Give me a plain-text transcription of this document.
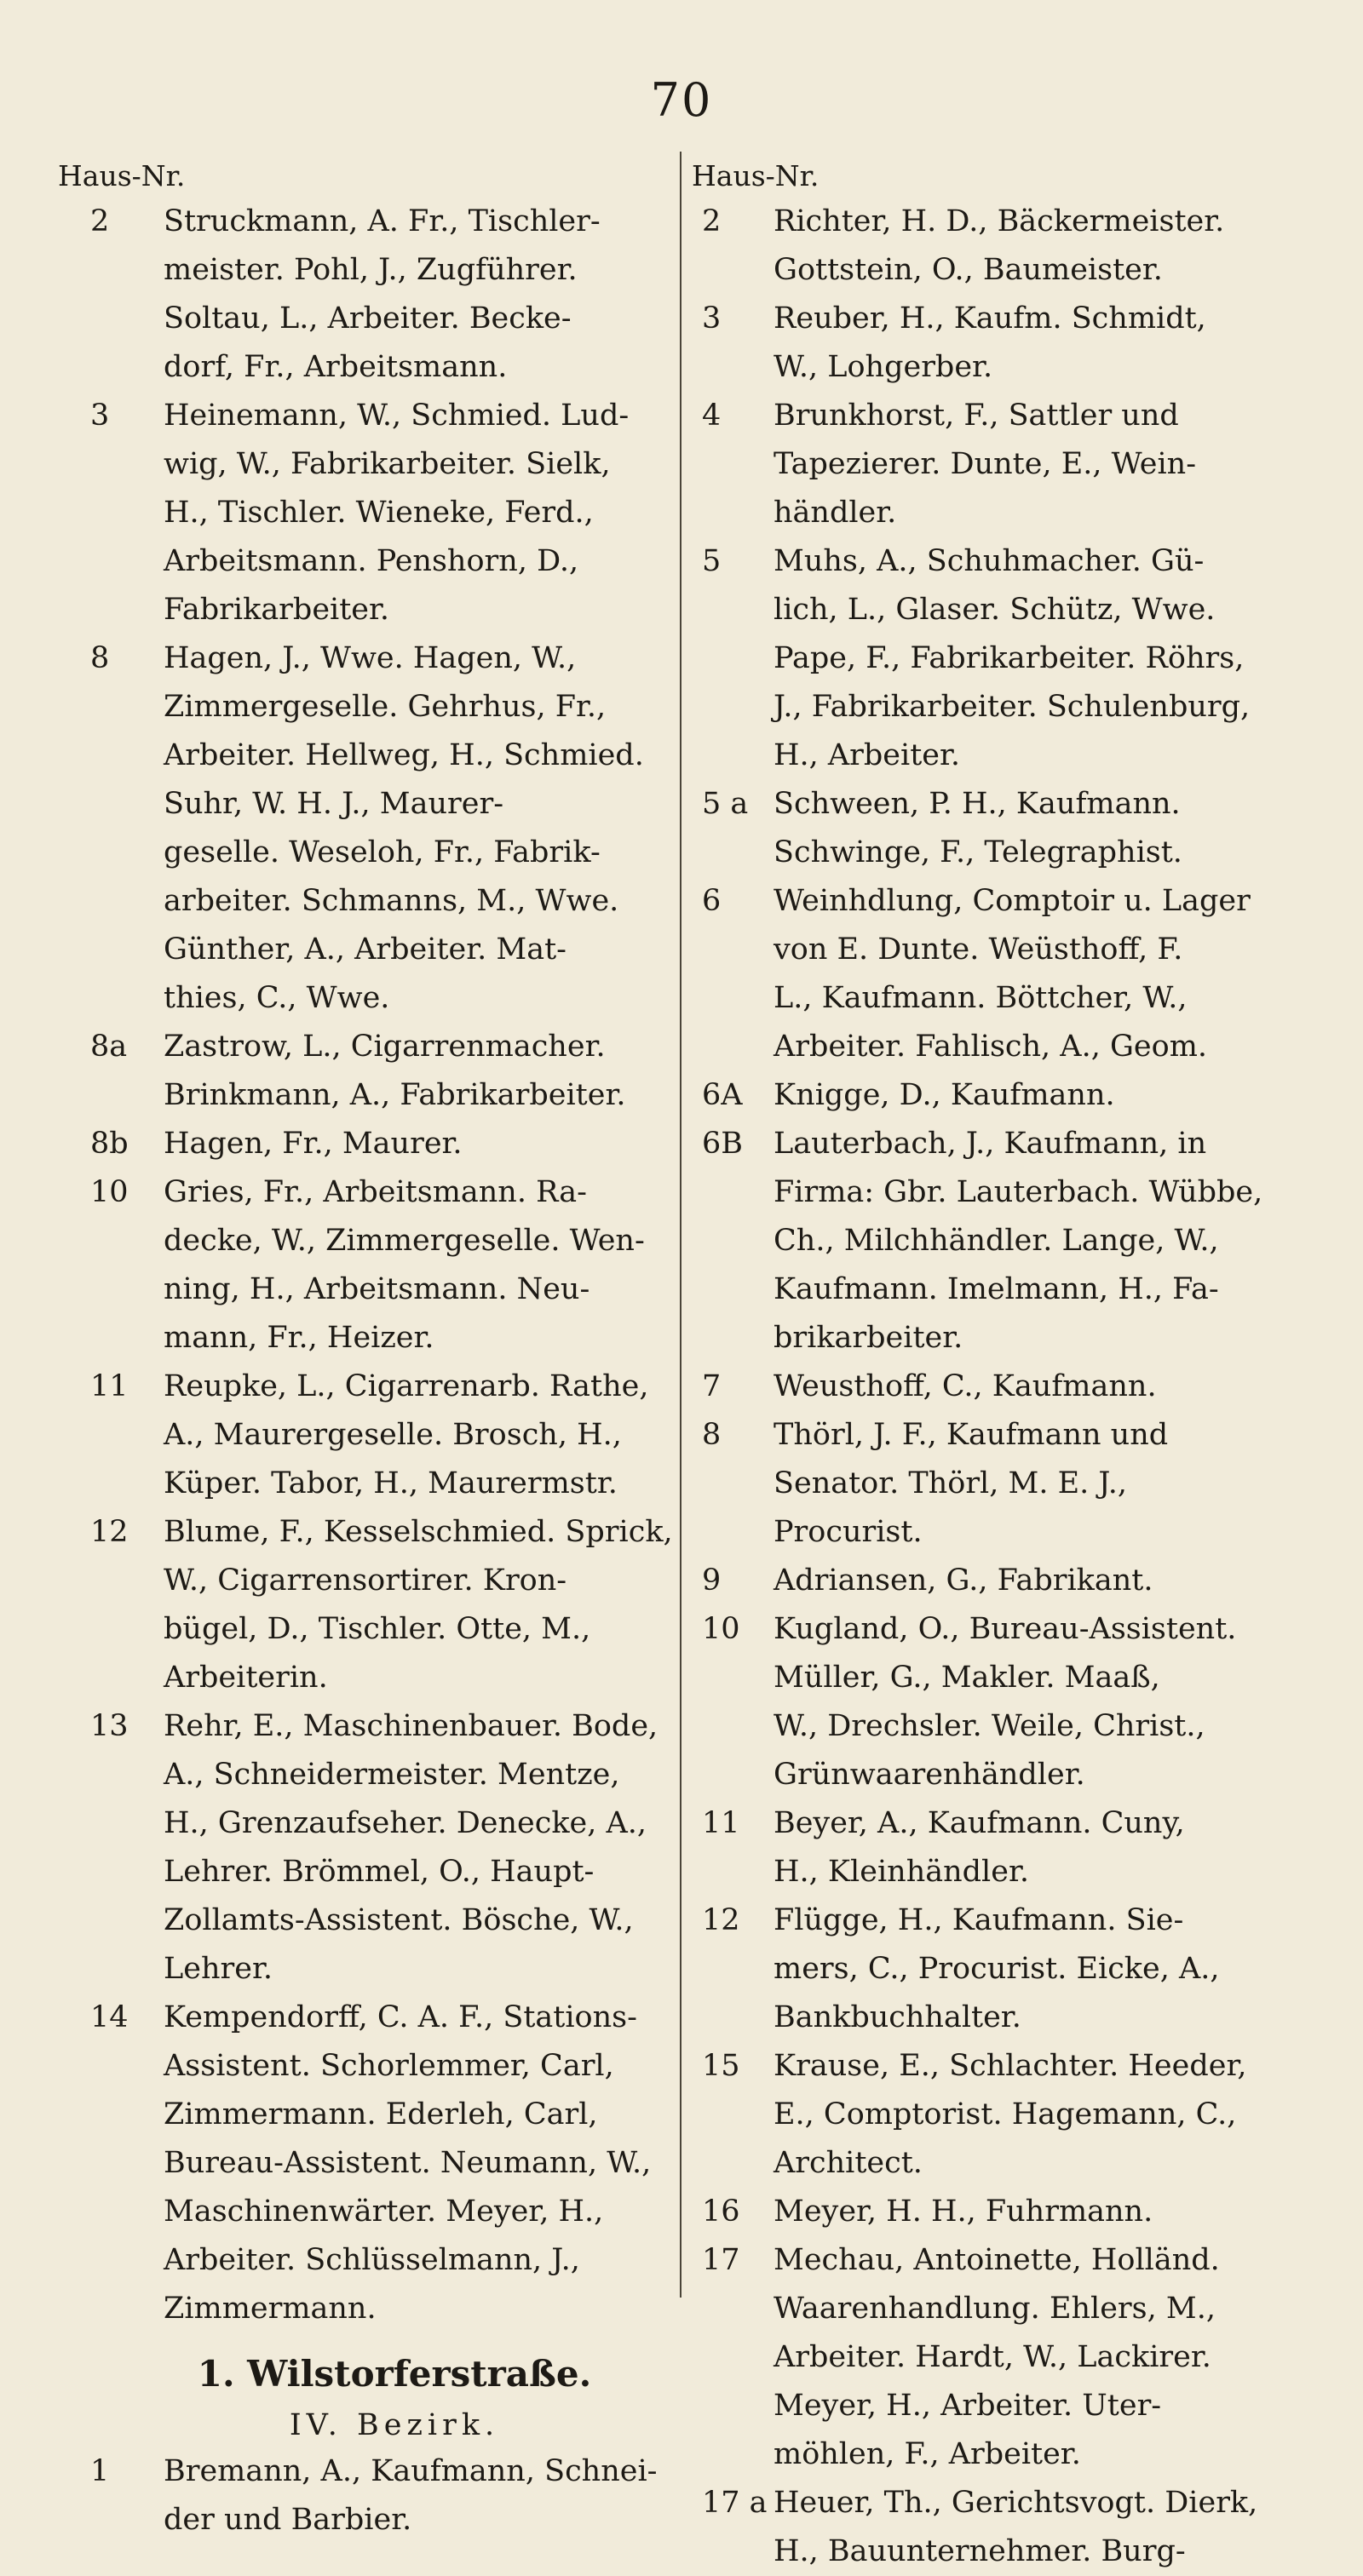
70
Haus-Nr.
2	Struckmann, A. Fr., Tischler-
meister. Pohl, J., Zugführer.
Soltau, L., Arbeiter. Becke-
dorf, Fr., Arbeitsmann.
3	Heinemann, W., Schmied. Lud-
wig, W., Fabrikarbeiter. Sielk,
H., Tischler. Wieneke, Ferd.,
Arbeitsmann. Penshorn, D.,
Fabrikarbeiter.
8	Hagen, J., Wwe. Hagen, W.,
Zimmergeselle. Gehrhus, Fr.,
Arbeiter. Hellweg, H., Schmied.
Suhr, W. H. J., Maurer-
geselle. Weseloh, Fr., Fabrik-
arbeiter. Schmanns, M., Wwe.
Günther, A., Arbeiter. Mat-
thies, C., Wwe.
8a	Zastrow, L., Cigarrenmacher.
Brinkmann, A., Fabrikarbeiter.
8b	Hagen, Fr., Maurer.
10	Gries, Fr., Arbeitsmann. Ra-
decke, W., Zimmergeselle. Wen-
ning, H., Arbeitsmann. Neu-
mann, Fr., Heizer.
11	Reupke, L., Cigarrenarb. Rathe,
A., Maurergeselle. Brosch, H.,
Küper. Tabor, H., Maurermstr.
12	Blume, F., Kesselschmied. Sprick,
W., Cigarrensortirer. Kron-
bügel, D., Tischler. Otte, M.,
Arbeiterin.
13	Rehr, E., Maschinenbauer. Bode,
A., Schneidermeister. Mentze,
H., Grenzaufseher. Denecke, A.,
Lehrer. Brömmel, O., Haupt-
Zollamts-Assistent. Bösche, W.,
Lehrer.
14	Kempendorff, C. A. F., Stations-
Assistent. Schorlemmer, Carl,
Zimmermann. Ederleh, Carl,
Bureau-Assistent. Neumann, W.,
Maschinenwärter. Meyer, H.,
Arbeiter. Schlüsselmann, J.,
Zimmermann.
1. Wilstorferstraße.
IV. Bezirk.
1	Bremann, A., Kaufmann, Schnei-
der und Barbier.
Haus-Nr.
2	Richter, H. D., Bäckermeister.
Gottstein, O., Baumeister.
3	Reuber, H., Kaufm. Schmidt,
W., Lohgerber.
4	Brunkhorst, F., Sattler und
Tapezierer. Dunte, E., Wein-
händler.
5	Muhs, A., Schuhmacher. Gü-
lich, L., Glaser. Schütz, Wwe.
Pape, F., Fabrikarbeiter. Röhrs,
J., Fabrikarbeiter. Schulenburg,
H., Arbeiter.
5 a Schween, P. H., Kaufmann.
Schwinge, F., Telegraphist.
6	Weinhdlung, Comptoir u. Lager
von E. Dunte. Weüsthoff, F.
L., Kaufmann. Böttcher, W.,
Arbeiter. Fahlisch, A., Geom.
6A	Knigge, D., Kaufmann.
6B	Lauterbach, J., Kaufmann, in
Firma: Gbr. Lauterbach. Wübbe,
Ch., Milchhändler. Lange, W.,
Kaufmann. Imelmann, H., Fa-
brikarbeiter.
7	Weusthoff, C., Kaufmann.
8	Thörl, J. F., Kaufmann und
Senator. Thörl, M. E. J.,
Procurist.
9	Adriansen, G., Fabrikant.
10	Kugland, O., Bureau-Assistent.
Müller, G., Makler. Maaß,
W., Drechsler. Weile, Christ.,
Grünwaarenhändler.
11	Beyer, A., Kaufmann. Cuny,
H., Kleinhändler.
12	Flügge, H., Kaufmann. Sie-
mers, C., Procurist. Eicke, A.,
Bankbuchhalter.
15	Krause, E., Schlachter. Heeder,
E., Comptorist. Hagemann, C.,
Architect.
16	Meyer, H. H., Fuhrmann.
17	Mechau, Antoinette, Holländ.
Waarenhandlung. Ehlers, M.,
Arbeiter. Hardt, W., Lackirer.
Meyer, H., Arbeiter. Uter-
möhlen, F., Arbeiter.
17 a Heuer, Th., Gerichtsvogt. Dierk,
H., Bauunternehmer. Burg-
